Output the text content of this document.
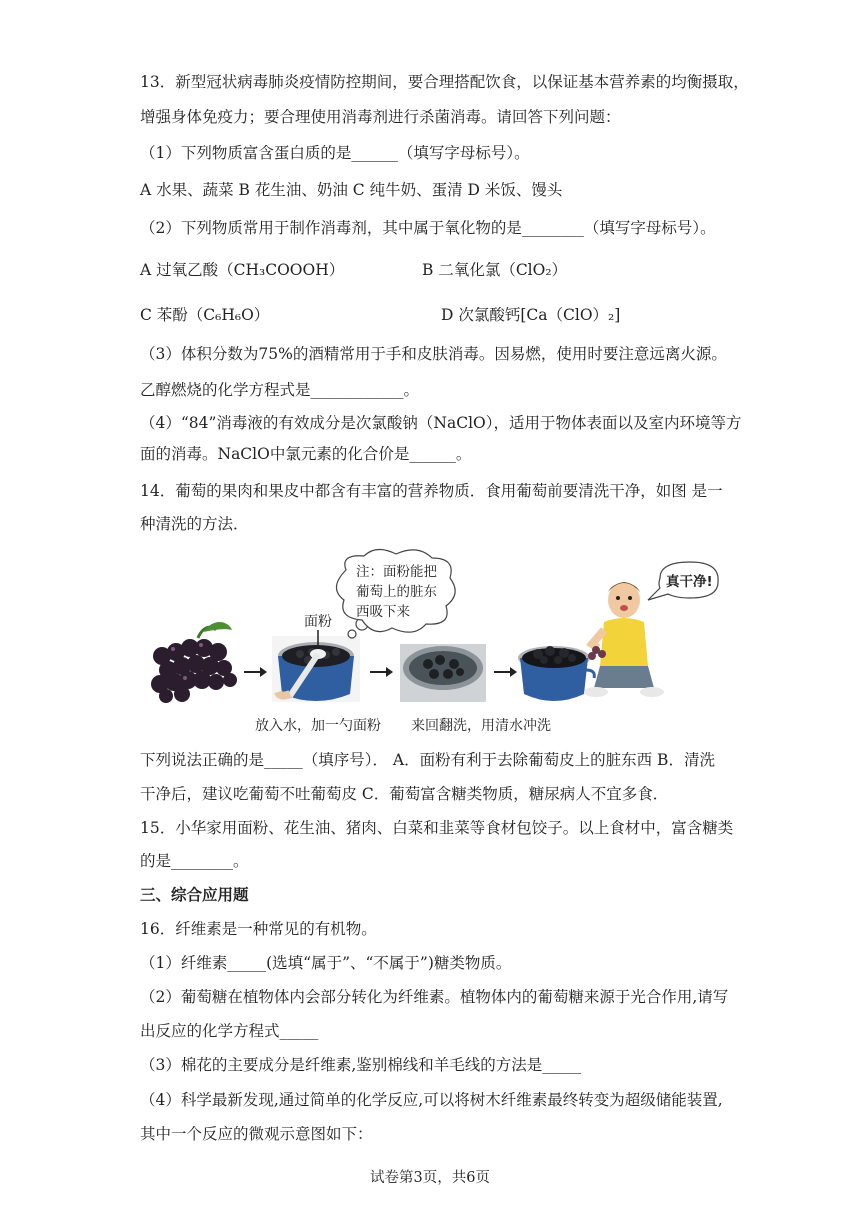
13．新型冠状病毒肺炎疫情防控期间，要合理搭配饮食，以保证基本营养素的均衡摄取，
增强身体免疫力；要合理使用消毒剂进行杀菌消毒。请回答下列问题：
（1）下列物质富含蛋白质的是______（填写字母标号）。
A 水果、蔬菜 B 花生油、奶油 C 纯牛奶、蛋清 D 米饭、馒头
（2）下列物质常用于制作消毒剂，其中属于氧化物的是________（填写字母标号）。
A 过氧乙酸（CH₃COOOH）	B 二氧化氯（ClO₂）
C 苯酚（C₆H₆O）	D 次氯酸钙[Ca（ClO）₂]
（3）体积分数为75%的酒精常用于手和皮肤消毒。因易燃，使用时要注意远离火源。
乙醇燃烧的化学方程式是____________。
（4）“84”消毒液的有效成分是次氯酸钠（NaClO），适用于物体表面以及室内环境等方
面的消毒。NaClO中氯元素的化合价是______。
14．葡萄的果肉和果皮中都含有丰富的营养物质．食用葡萄前要清洗干净，如图 是一
种清洗的方法．
面粉
注：面粉能把
葡萄上的脏东
西吸下来
真干净!
放入水，加一勺面粉 来回翻洗，用清水冲洗
下列说法正确的是_____（填序号）． A．面粉有利于去除葡萄皮上的脏东西 B．清洗
干净后，建议吃葡萄不吐葡萄皮 C．葡萄富含糖类物质，糖尿病人不宜多食．
15．小华家用面粉、花生油、猪肉、白菜和韭菜等食材包饺子。以上食材中，富含糖类
的是________。
三、综合应用题
16．纤维素是一种常见的有机物。
（1）纤维素_____(选填“属于”、“不属于”)糖类物质。
（2）葡萄糖在植物体内会部分转化为纤维素。植物体内的葡萄糖来源于光合作用,请写
出反应的化学方程式_____
（3）棉花的主要成分是纤维素,鉴别棉线和羊毛线的方法是_____
（4）科学最新发现,通过简单的化学反应,可以将树木纤维素最终转变为超级储能装置,
其中一个反应的微观示意图如下：
试卷第3页，共6页
